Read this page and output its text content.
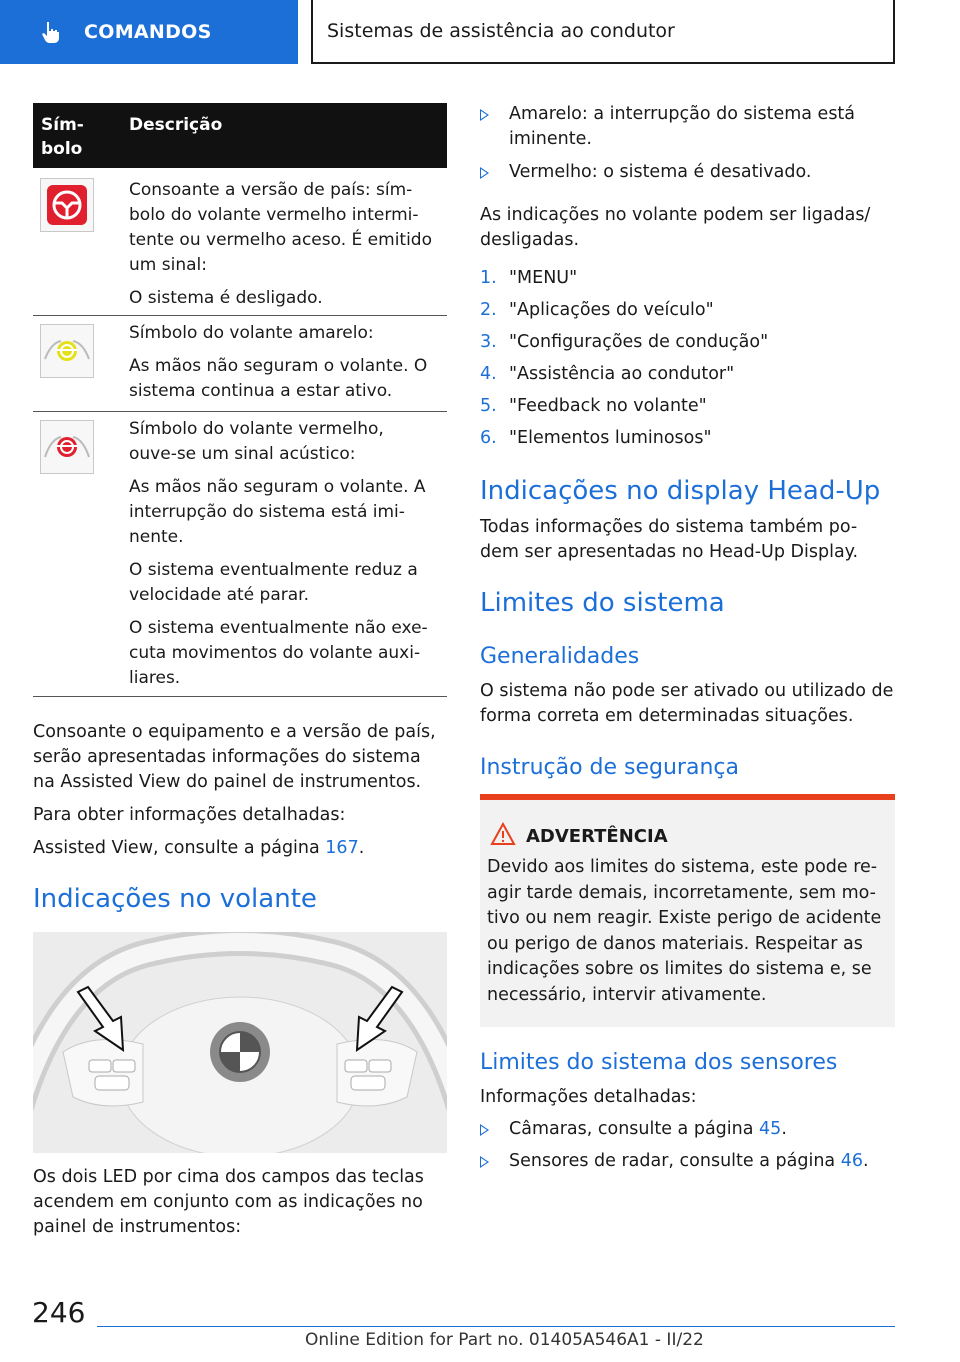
COMANDOS	Sistemas de assistência ao condutor
Sím-
bolo
Descrição

Consoante a versão de país: sím-
bolo do volante vermelho intermi-
tente ou vermelho aceso. É emitido
um sinal:

O sistema é desligado.

Símbolo do volante amarelo:

As mãos não seguram o volante. O
sistema continua a estar ativo.

Símbolo do volante vermelho,
ouve-se um sinal acústico:

As mãos não seguram o volante. A
interrupção do sistema está imi-
nente.

O sistema eventualmente reduz a
velocidade até parar.

O sistema eventualmente não exe-
cuta movimentos do volante auxi-
liares.

Consoante o equipamento e a versão de país,
serão apresentadas informações do sistema
na Assisted View do painel de instrumentos.

Para obter informações detalhadas:

Assisted View, consulte a página 167.

Indicações no volante

Os dois LED por cima dos campos das teclas
acendem em conjunto com as indicações no
painel de instrumentos:

Amarelo: a interrupção do sistema está
iminente.
Vermelho: o sistema é desativado.

As indicações no volante podem ser ligadas/
desligadas.

1. "MENU"
2. "Aplicações do veículo"
3. "Configurações de condução"
4. "Assistência ao condutor"
5. "Feedback no volante"
6. "Elementos luminosos"
Indicações no display Head-Up

Todas informações do sistema também po-
dem ser apresentadas no Head-Up Display.

Limites do sistema
Generalidades

O sistema não pode ser ativado ou utilizado de
forma correta em determinadas situações.

Instrução de segurança
ADVERTÊNCIA
Devido aos limites do sistema, este pode re-
agir tarde demais, incorretamente, sem mo-
tivo ou nem reagir. Existe perigo de acidente
ou perigo de danos materiais. Respeitar as
indicações sobre os limites do sistema e, se
necessário, intervir ativamente.
Limites do sistema dos sensores

Informações detalhadas:

Câmaras, consulte a página 45.
Sensores de radar, consulte a página 46.
246
Online Edition for Part no. 01405A546A1 - II/22
